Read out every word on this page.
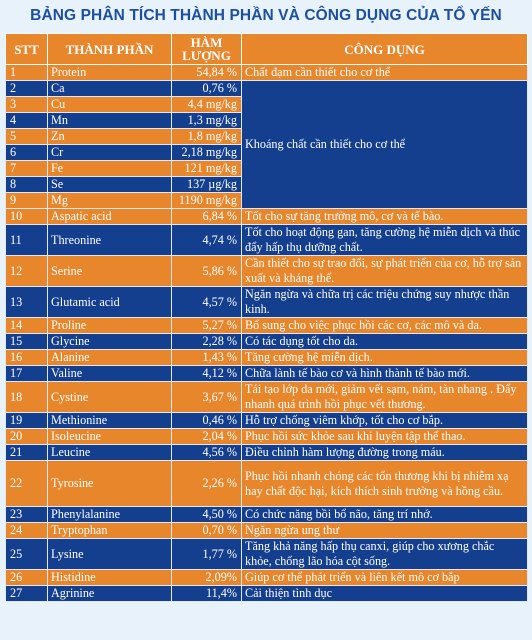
BẢNG PHÂN TÍCH THÀNH PHẦN VÀ CÔNG DỤNG CỦA TỔ YẾN
STT	THÀNH PHẦN	HÀM LƯỢNG	CÔNG DỤNG
1	Protein	54,84 %	Chất đạm cần thiết cho cơ thể
2	Ca	0,76 %	Khoáng chất cần thiết cho cơ thể
3	Cu	4,4 mg/kg	
4	Mn	1,3 mg/kg	
5	Zn	1,8 mg/kg	
6	Cr	2,18 mg/kg	
7	Fe	121 mg/kg	
8	Se	137 µg/kg	
9	Mg	1190 mg/kg	
10	Aspatic acid	6,84 %	Tốt cho sự tăng trưởng mô, cơ và tế bào.
11	Threonine	4,74 %	Tốt cho hoạt động gan, tăng cường hệ miễn dịch và thúc đẩy hấp thụ dưỡng chất.
12	Serine	5,86 %	Cần thiết cho sự trao đổi, sự phát triển của cơ, hỗ trợ sản xuất và kháng thể.
13	Glutamic acid	4,57 %	Ngăn ngừa và chữa trị các triệu chứng suy nhược thần kinh.
14	Proline	5,27 %	Bổ sung cho việc phục hồi các cơ, các mô và da.
15	Glycine	2,28 %	Có tác dụng tốt cho da.
16	Alanine	1,43 %	Tăng cường hệ miễn dịch.
17	Valine	4,12 %	Chữa lành tế bào cơ và hình thành tế bào mới.
18	Cystine	3,67 %	Tái tạo lớp da mới, giảm vết sạm, nám, tàn nhang . Đẩy nhanh quá trình hồi phục vết thương.
19	Methionine	0,46 %	Hỗ trợ chống viêm khớp, tốt cho cơ bắp.
20	Isoleucine	2,04 %	Phục hồi sức khỏe sau khi luyện tập thể thao.
21	Leucine	4,56 %	Điều chỉnh hàm lượng đường trong máu.
22	Tyrosine	2,26 %	Phục hồi nhanh chóng các tổn thương khi bị nhiễm xạ hay chất độc hại, kích thích sinh trưởng và hồng cầu.
23	Phenylalanine	4,50 %	Có chức năng bồi bổ não, tăng trí nhớ.
24	Tryptophan	0,70 %	Ngăn ngừa ung thư
25	Lysine	1,77 %	Tăng khả năng hấp thụ canxi, giúp cho xương chắc khỏe, chống lão hóa cột sống.
26	Histidine	2,09%	Giúp cơ thể phát triển và liên kết mô cơ bắp
27	Agrinine	11,4%	Cải thiện tình dục
